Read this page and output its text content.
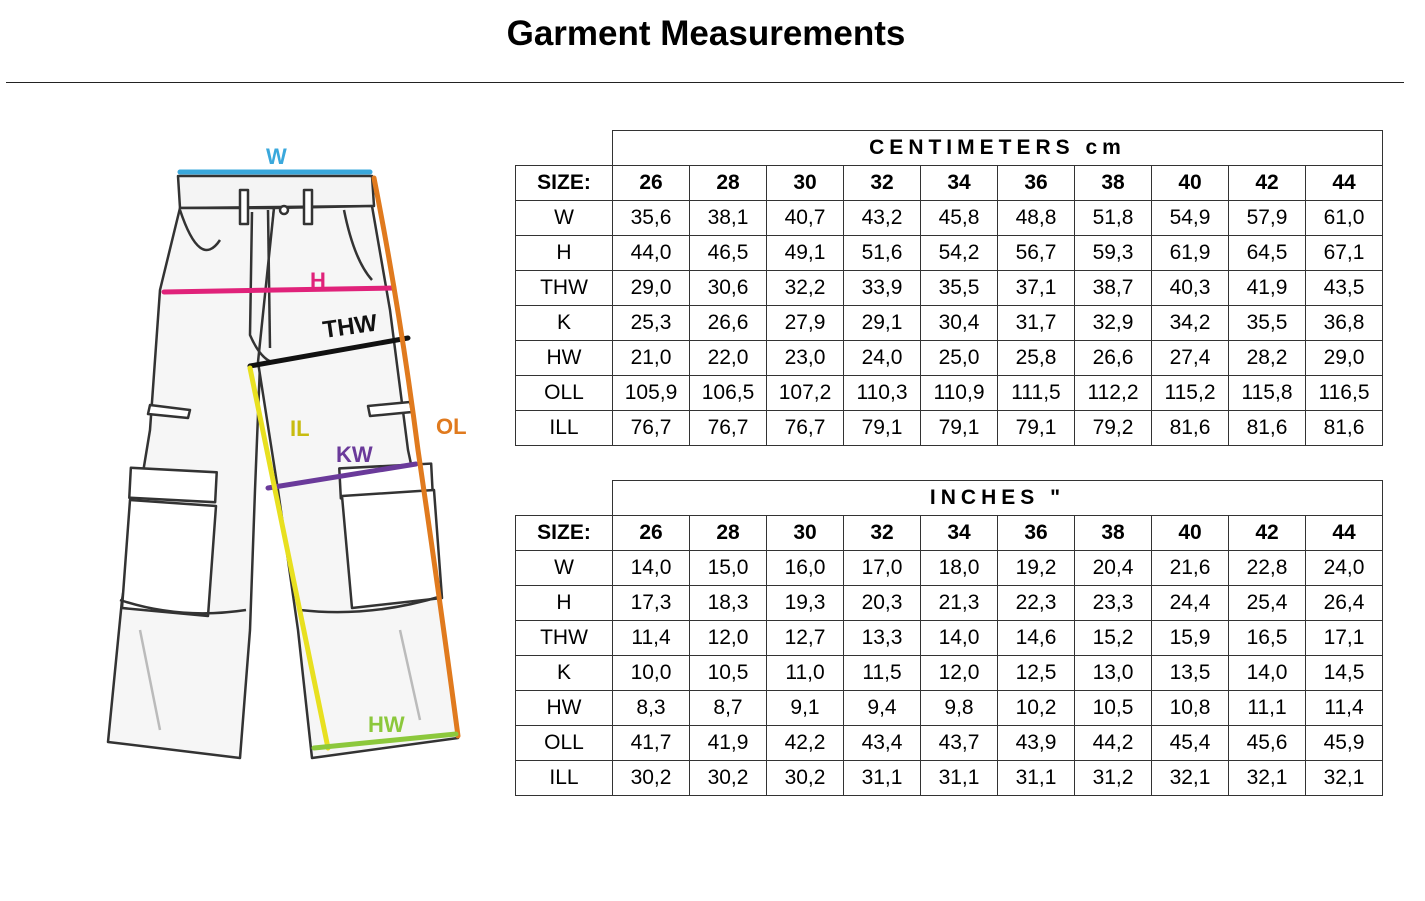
Garment Measurements
W
H
THW
KW
IL	OL
HW
	CENTIMETERS cm									
SIZE:	26	28	30	32	34	36	38	40	42	44
W	35,6	38,1	40,7	43,2	45,8	48,8	51,8	54,9	57,9	61,0
H	44,0	46,5	49,1	51,6	54,2	56,7	59,3	61,9	64,5	67,1
THW	29,0	30,6	32,2	33,9	35,5	37,1	38,7	40,3	41,9	43,5
K	25,3	26,6	27,9	29,1	30,4	31,7	32,9	34,2	35,5	36,8
HW	21,0	22,0	23,0	24,0	25,0	25,8	26,6	27,4	28,2	29,0
OLL	105,9	106,5	107,2	110,3	110,9	111,5	112,2	115,2	115,8	116,5
ILL	76,7	76,7	76,7	79,1	79,1	79,1	79,2	81,6	81,6	81,6
	INCHES "									
SIZE:	26	28	30	32	34	36	38	40	42	44
W	14,0	15,0	16,0	17,0	18,0	19,2	20,4	21,6	22,8	24,0
H	17,3	18,3	19,3	20,3	21,3	22,3	23,3	24,4	25,4	26,4
THW	11,4	12,0	12,7	13,3	14,0	14,6	15,2	15,9	16,5	17,1
K	10,0	10,5	11,0	11,5	12,0	12,5	13,0	13,5	14,0	14,5
HW	8,3	8,7	9,1	9,4	9,8	10,2	10,5	10,8	11,1	11,4
OLL	41,7	41,9	42,2	43,4	43,7	43,9	44,2	45,4	45,6	45,9
ILL	30,2	30,2	30,2	31,1	31,1	31,1	31,2	32,1	32,1	32,1
